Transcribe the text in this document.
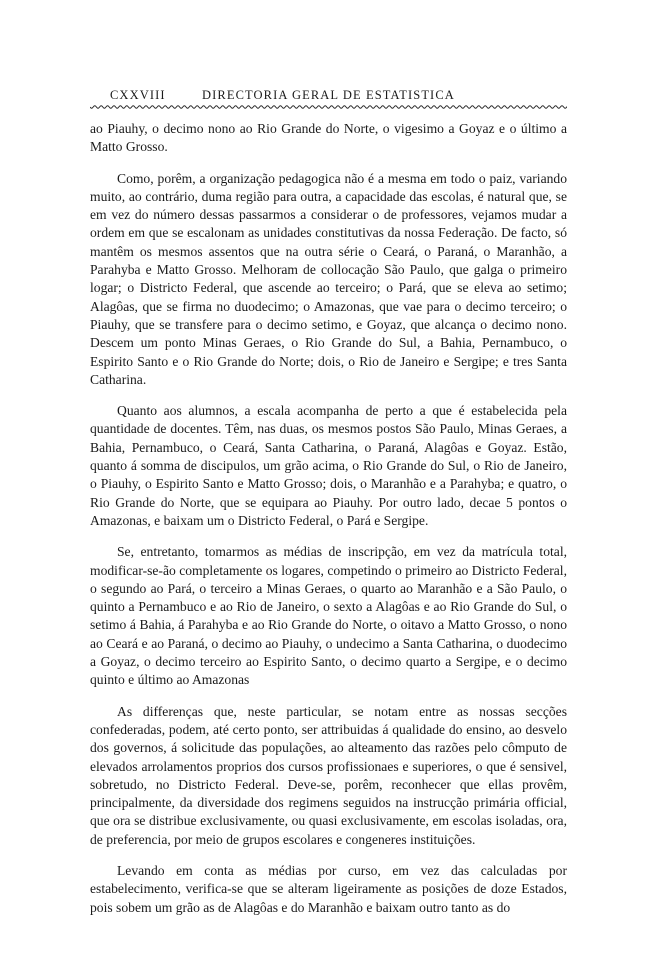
CXXVIII	DIRECTORIA GERAL DE ESTATISTICA

ao Piauhy, o decimo nono ao Rio Grande do Norte, o vigesimo a Goyaz e o último a Matto Grosso.

Como, porêm, a organização pedagogica não é a mesma em todo o paiz, variando muito, ao contrário, duma região para outra, a capacidade das escolas, é natural que, se em vez do número dessas passarmos a considerar o de professores, vejamos mudar a ordem em que se escalonam as unidades constitutivas da nossa Federação. De facto, só mantêm os mesmos assentos que na outra série o Ceará, o Paraná, o Maranhão, a Parahyba e Matto Grosso. Melhoram de collocação São Paulo, que galga o primeiro logar; o Districto Federal, que ascende ao terceiro; o Pará, que se eleva ao setimo; Alagôas, que se firma no duodecimo; o Amazonas, que vae para o decimo terceiro; o Piauhy, que se transfere para o decimo setimo, e Goyaz, que alcança o decimo nono. Descem um ponto Minas Geraes, o Rio Grande do Sul, a Bahia, Pernambuco, o Espirito Santo e o Rio Grande do Norte; dois, o Rio de Janeiro e Sergipe; e tres Santa Catharina.

Quanto aos alumnos, a escala acompanha de perto a que é estabelecida pela quantidade de docentes. Têm, nas duas, os mesmos postos São Paulo, Minas Geraes, a Bahia, Pernambuco, o Ceará, Santa Catharina, o Paraná, Alagôas e Goyaz. Estão, quanto á somma de discipulos, um grão acima, o Rio Grande do Sul, o Rio de Janeiro, o Piauhy, o Espirito Santo e Matto Grosso; dois, o Maranhão e a Parahyba; e quatro, o Rio Grande do Norte, que se equipara ao Piauhy. Por outro lado, decae 5 pontos o Amazonas, e baixam um o Districto Federal, o Pará e Sergipe.

Se, entretanto, tomarmos as médias de inscripção, em vez da matrícula total, modificar-se-ão completamente os logares, competindo o primeiro ao Districto Federal, o segundo ao Pará, o terceiro a Minas Geraes, o quarto ao Maranhão e a São Paulo, o quinto a Pernambuco e ao Rio de Janeiro, o sexto a Alagôas e ao Rio Grande do Sul, o setimo á Bahia, á Parahyba e ao Rio Grande do Norte, o oitavo a Matto Grosso, o nono ao Ceará e ao Paraná, o decimo ao Piauhy, o undecimo a Santa Catharina, o duodecimo a Goyaz, o decimo terceiro ao Espirito Santo, o decimo quarto a Sergipe, e o decimo quinto e último ao Amazonas

As differenças que, neste particular, se notam entre as nossas secções confederadas, podem, até certo ponto, ser attribuidas á qualidade do ensino, ao desvelo dos governos, á solicitude das populações, ao alteamento das razões pelo cômputo de elevados arrolamentos proprios dos cursos profissionaes e superiores, o que é sensivel, sobretudo, no Districto Federal. Deve-se, porêm, reconhecer que ellas provêm, principalmente, da diversidade dos regimens seguidos na instrucção primária official, que ora se distribue exclusivamente, ou quasi exclusivamente, em escolas isoladas, ora, de preferencia, por meio de grupos escolares e congeneres instituições.

Levando em conta as médias por curso, em vez das calculadas por estabelecimento, verifica-se que se alteram ligeiramente as posições de doze Estados, pois sobem um grão as de Alagôas e do Maranhão e baixam outro tanto as do
